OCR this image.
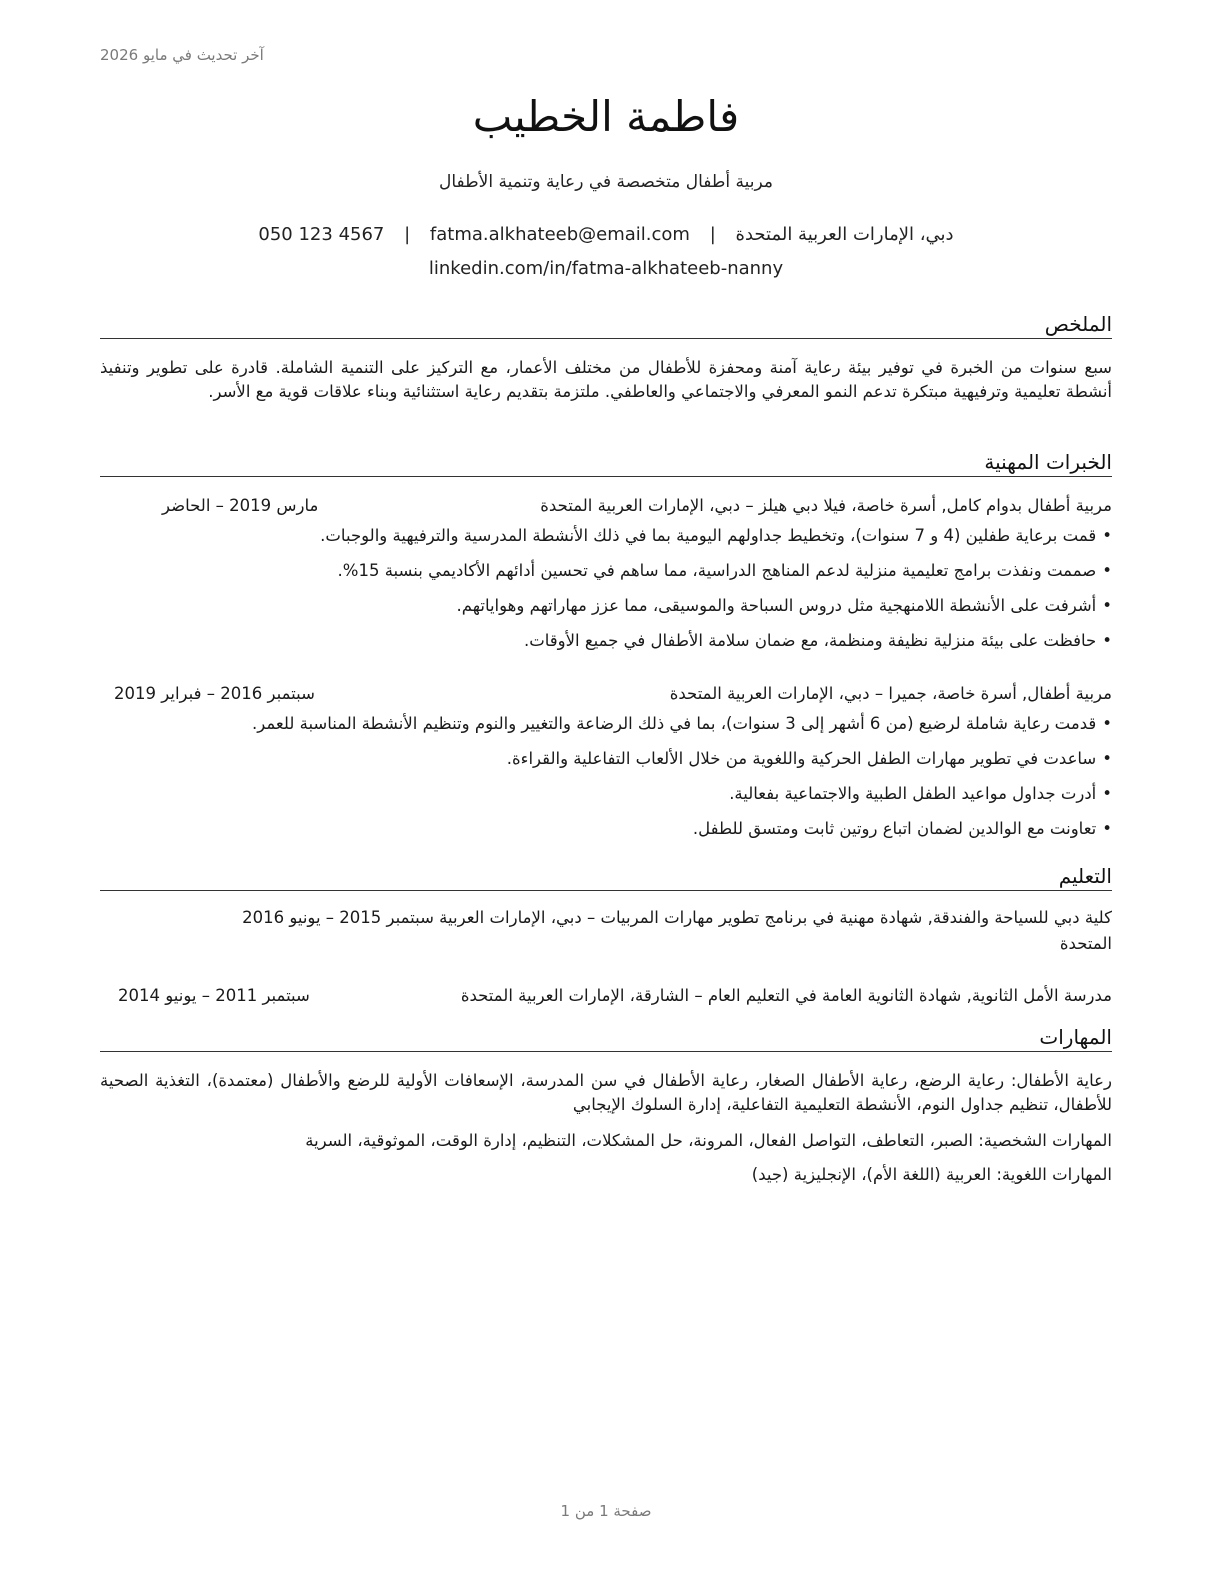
آخر تحديث في مايو 2026
فاطمة الخطيب
مربية أطفال متخصصة في رعاية وتنمية الأطفال
دبي، الإمارات العربية المتحدة | fatma.alkhateeb@email.com | 050 123 4567
linkedin.com/in/fatma-alkhateeb-nanny
الملخص
سبع سنوات من الخبرة في توفير بيئة رعاية آمنة ومحفزة للأطفال من مختلف الأعمار، مع التركيز على التنمية الشاملة. قادرة على تطوير وتنفيذ أنشطة تعليمية وترفيهية مبتكرة تدعم النمو المعرفي والاجتماعي والعاطفي. ملتزمة بتقديم رعاية استثنائية وبناء علاقات قوية مع الأسر.
الخبرات المهنية
مربية أطفال بدوام كامل, أسرة خاصة، فيلا دبي هيلز – دبي، الإمارات العربية المتحدة
مارس 2019 – الحاضر
•قمت برعاية طفلين (4 و 7 سنوات)، وتخطيط جداولهم اليومية بما في ذلك الأنشطة المدرسية والترفيهية والوجبات.
•صممت ونفذت برامج تعليمية منزلية لدعم المناهج الدراسية، مما ساهم في تحسين أدائهم الأكاديمي بنسبة 15%.
•أشرفت على الأنشطة اللامنهجية مثل دروس السباحة والموسيقى، مما عزز مهاراتهم وهواياتهم.
•حافظت على بيئة منزلية نظيفة ومنظمة، مع ضمان سلامة الأطفال في جميع الأوقات.
مربية أطفال, أسرة خاصة، جميرا – دبي، الإمارات العربية المتحدة
سبتمبر 2016 – فبراير 2019
•قدمت رعاية شاملة لرضيع (من 6 أشهر إلى 3 سنوات)، بما في ذلك الرضاعة والتغيير والنوم وتنظيم الأنشطة المناسبة للعمر.
•ساعدت في تطوير مهارات الطفل الحركية واللغوية من خلال الألعاب التفاعلية والقراءة.
•أدرت جداول مواعيد الطفل الطبية والاجتماعية بفعالية.
•تعاونت مع الوالدين لضمان اتباع روتين ثابت ومتسق للطفل.
التعليم
كلية دبي للسياحة والفندقة, شهادة مهنية في برنامج تطوير مهارات المربيات – دبي، الإمارات العربية سبتمبر 2015 – يونيو 2016
المتحدة
مدرسة الأمل الثانوية, شهادة الثانوية العامة في التعليم العام – الشارقة، الإمارات العربية المتحدة
سبتمبر 2011 – يونيو 2014
المهارات
رعاية الأطفال: رعاية الرضع، رعاية الأطفال الصغار، رعاية الأطفال في سن المدرسة، الإسعافات الأولية للرضع والأطفال (معتمدة)، التغذية الصحية للأطفال، تنظيم جداول النوم، الأنشطة التعليمية التفاعلية، إدارة السلوك الإيجابي
المهارات الشخصية: الصبر، التعاطف، التواصل الفعال، المرونة، حل المشكلات، التنظيم، إدارة الوقت، الموثوقية، السرية
المهارات اللغوية: العربية (اللغة الأم)، الإنجليزية (جيد)
صفحة 1 من 1
